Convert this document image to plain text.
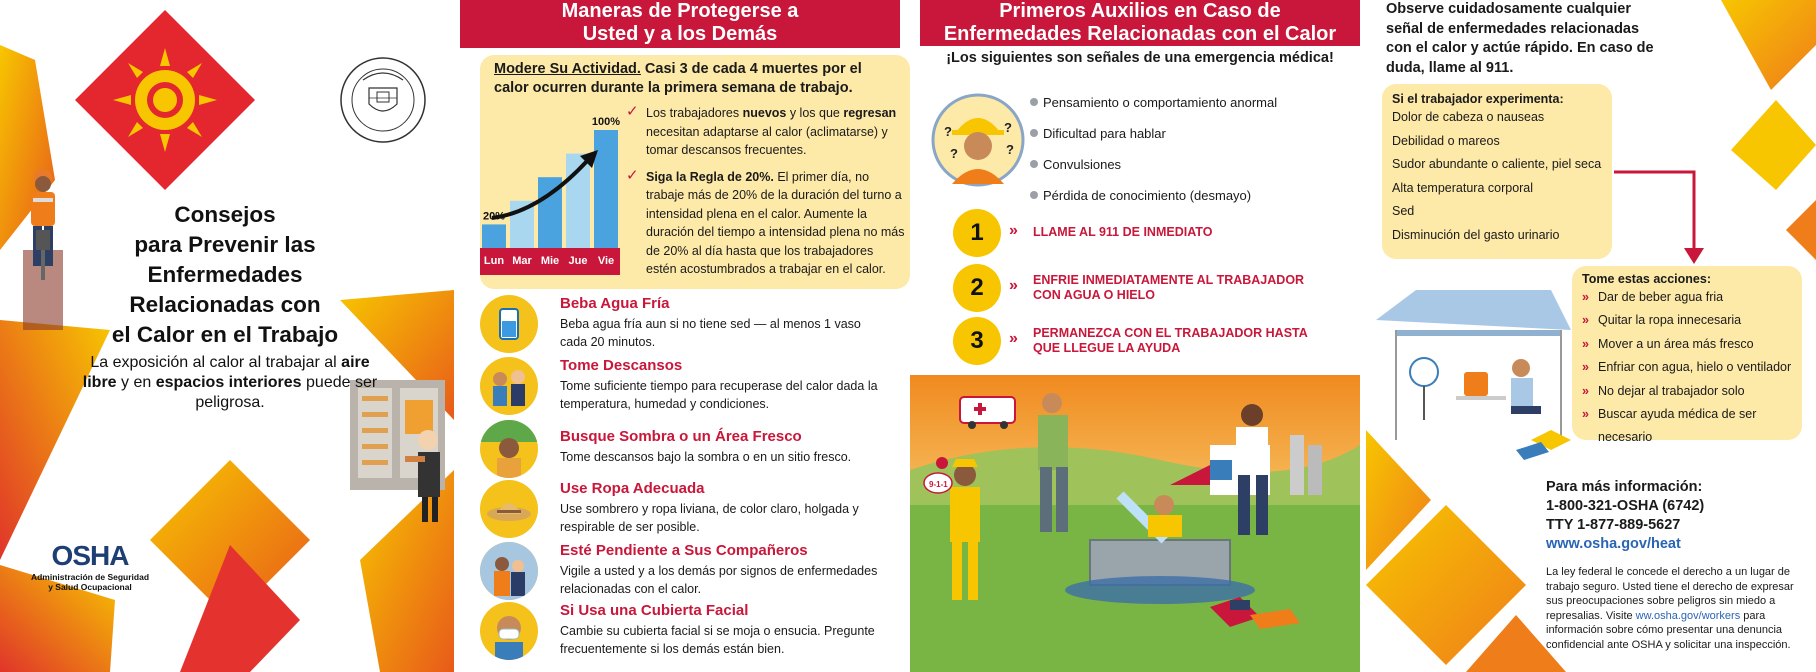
Consejos
para Prevenir las
Enfermedades
Relacionadas con
el Calor en el Trabajo
La exposición al calor al trabajar al aire libre y en espacios interiores puede ser peligrosa.
OSHA
Administración de Seguridad
y Salud Ocupacional
Maneras de Protegerse a
Usted y a los Demás
Modere Su Actividad. Casi 3 de cada 4 muertes por el calor ocurren durante la primera semana de trabajo.
Lun Mar Mie Jue Vie
20%
100%
✓ Los trabajadores nuevos y los que regresan necesitan adaptarse al calor (aclimatarse) y tomar descansos frecuentes.
✓ Siga la Regla de 20%. El primer día, no trabaje más de 20% de la duración del turno a intensidad plena en el calor. Aumente la duración del tiempo a intensidad plena no más de 20% al día hasta que los trabajadores estén acostumbrados a trabajar en el calor.
Beba Agua Fría
Beba agua fría aun si no tiene sed — al menos 1 vaso cada 20 minutos.
Tome Descansos
Tome suficiente tiempo para recuperase del calor dada la temperatura, humedad y condiciones.
Busque Sombra o un Área Fresco
Tome descansos bajo la sombra o en un sitio fresco.
Use Ropa Adecuada
Use sombrero y ropa liviana, de color claro, holgada y respirable de ser posible.
Esté Pendiente a Sus Compañeros
Vigile a usted y a los demás por signos de enfermedades relacionadas con el calor.
Si Usa una Cubierta Facial
Cambie su cubierta facial si se moja o ensucia. Pregunte frecuentemente si los demás están bien.
Primeros Auxilios en Caso de
Enfermedades Relacionadas con el Calor
¡Los siguientes son señales de una emergencia médica!
?	?
?
?
Pensamiento o comportamiento anormal
Dificultad para hablar
Convulsiones
Pérdida de conocimiento (desmayo)
1	» LLAME AL 911 DE INMEDIATO
2	» ENFRIE INMEDIATAMENTE AL TRABAJADOR CON AGUA O HIELO
3	» PERMANEZCA CON EL TRABAJADOR HASTA QUE LLEGUE LA AYUDA
9-1-1
Observe cuidadosamente cualquier señal de enfermedades relacionadas con el calor y actúe rápido. En caso de duda, llame al 911.
Si el trabajador experimenta:
Dolor de cabeza o nauseas
Debilidad o mareos
Sudor abundante o caliente, piel seca
Alta temperatura corporal
Sed
Disminución del gasto urinario
Tome estas acciones:
» Dar de beber agua fria
» Quitar la ropa innecesaria
» Mover a un área más fresco
» Enfriar con agua, hielo o ventilador
» No dejar al trabajador solo
» Buscar ayuda médica de ser necesario
Para más información:
1-800-321-OSHA (6742)
TTY 1-877-889-5627
www.osha.gov/heat
La ley federal le concede el derecho a un lugar de trabajo seguro. Usted tiene el derecho de expresar sus preocupaciones sobre peligros sin miedo a represalias. Visite ww.osha.gov/workers para información sobre cómo presentar una denuncia confidencial ante OSHA y solicitar una inspección.
